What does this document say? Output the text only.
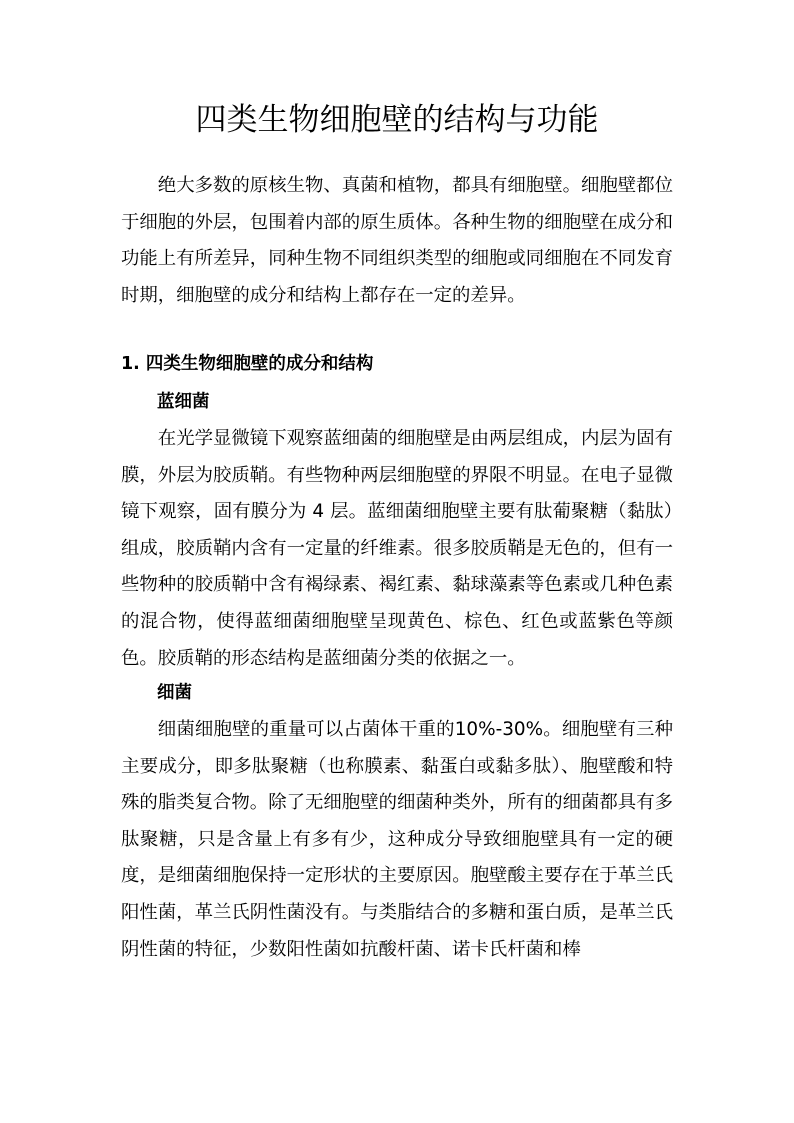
四类生物细胞壁的结构与功能

绝大多数的原核生物、真菌和植物，都具有细胞壁。细胞壁都位于细胞的外层，包围着内部的原生质体。各种生物的细胞壁在成分和功能上有所差异，同种生物不同组织类型的细胞或同细胞在不同发育时期，细胞壁的成分和结构上都存在一定的差异。

1. 四类生物细胞壁的成分和结构
蓝细菌

在光学显微镜下观察蓝细菌的细胞壁是由两层组成，内层为固有膜，外层为胶质鞘。有些物种两层细胞壁的界限不明显。在电子显微镜下观察，固有膜分为 4 层。蓝细菌细胞壁主要有肽葡聚糖（黏肽）组成，胶质鞘内含有一定量的纤维素。很多胶质鞘是无色的，但有一些物种的胶质鞘中含有褐绿素、褐红素、黏球藻素等色素或几种色素的混合物，使得蓝细菌细胞壁呈现黄色、棕色、红色或蓝紫色等颜色。胶质鞘的形态结构是蓝细菌分类的依据之一。

细菌

细菌细胞壁的重量可以占菌体干重的10%-30%。细胞壁有三种主要成分，即多肽聚糖（也称膜素、黏蛋白或黏多肽）、胞壁酸和特殊的脂类复合物。除了无细胞壁的细菌种类外，所有的细菌都具有多肽聚糖，只是含量上有多有少，这种成分导致细胞壁具有一定的硬度，是细菌细胞保持一定形状的主要原因。胞壁酸主要存在于革兰氏阳性菌，革兰氏阴性菌没有。与类脂结合的多糖和蛋白质，是革兰氏阴性菌的特征，少数阳性菌如抗酸杆菌、诺卡氏杆菌和棒
